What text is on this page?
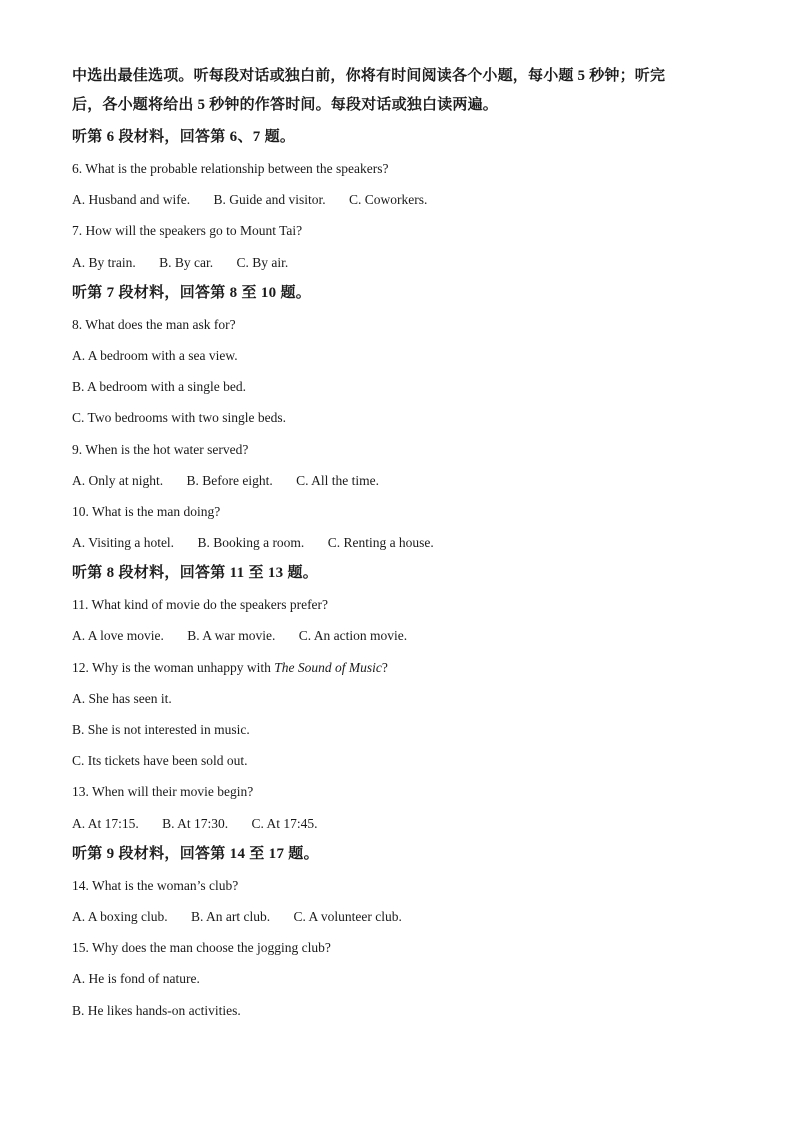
中选出最佳选项。听每段对话或独白前，你将有时间阅读各个小题，每小题 5 秒钟；听完

后，各小题将给出 5 秒钟的作答时间。每段对话或独白读两遍。

听第 6 段材料，回答第 6、7 题。

6. What is the probable relationship between the speakers?

A. Husband and wife. B. Guide and visitor. C. Coworkers.

7. How will the speakers go to Mount Tai?

A. By train. B. By car. C. By air.

听第 7 段材料，回答第 8 至 10 题。

8. What does the man ask for?

A. A bedroom with a sea view.

B. A bedroom with a single bed.

C. Two bedrooms with two single beds.

9. When is the hot water served?

A. Only at night. B. Before eight. C. All the time.

10. What is the man doing?

A. Visiting a hotel. B. Booking a room. C. Renting a house.

听第 8 段材料，回答第 11 至 13 题。

11. What kind of movie do the speakers prefer?

A. A love movie. B. A war movie. C. An action movie.

12. Why is the woman unhappy with The Sound of Music?

A. She has seen it.

B. She is not interested in music.

C. Its tickets have been sold out.

13. When will their movie begin?

A. At 17:15. B. At 17:30. C. At 17:45.

听第 9 段材料，回答第 14 至 17 题。

14. What is the woman’s club?

A. A boxing club. B. An art club. C. A volunteer club.

15. Why does the man choose the jogging club?

A. He is fond of nature.

B. He likes hands-on activities.
